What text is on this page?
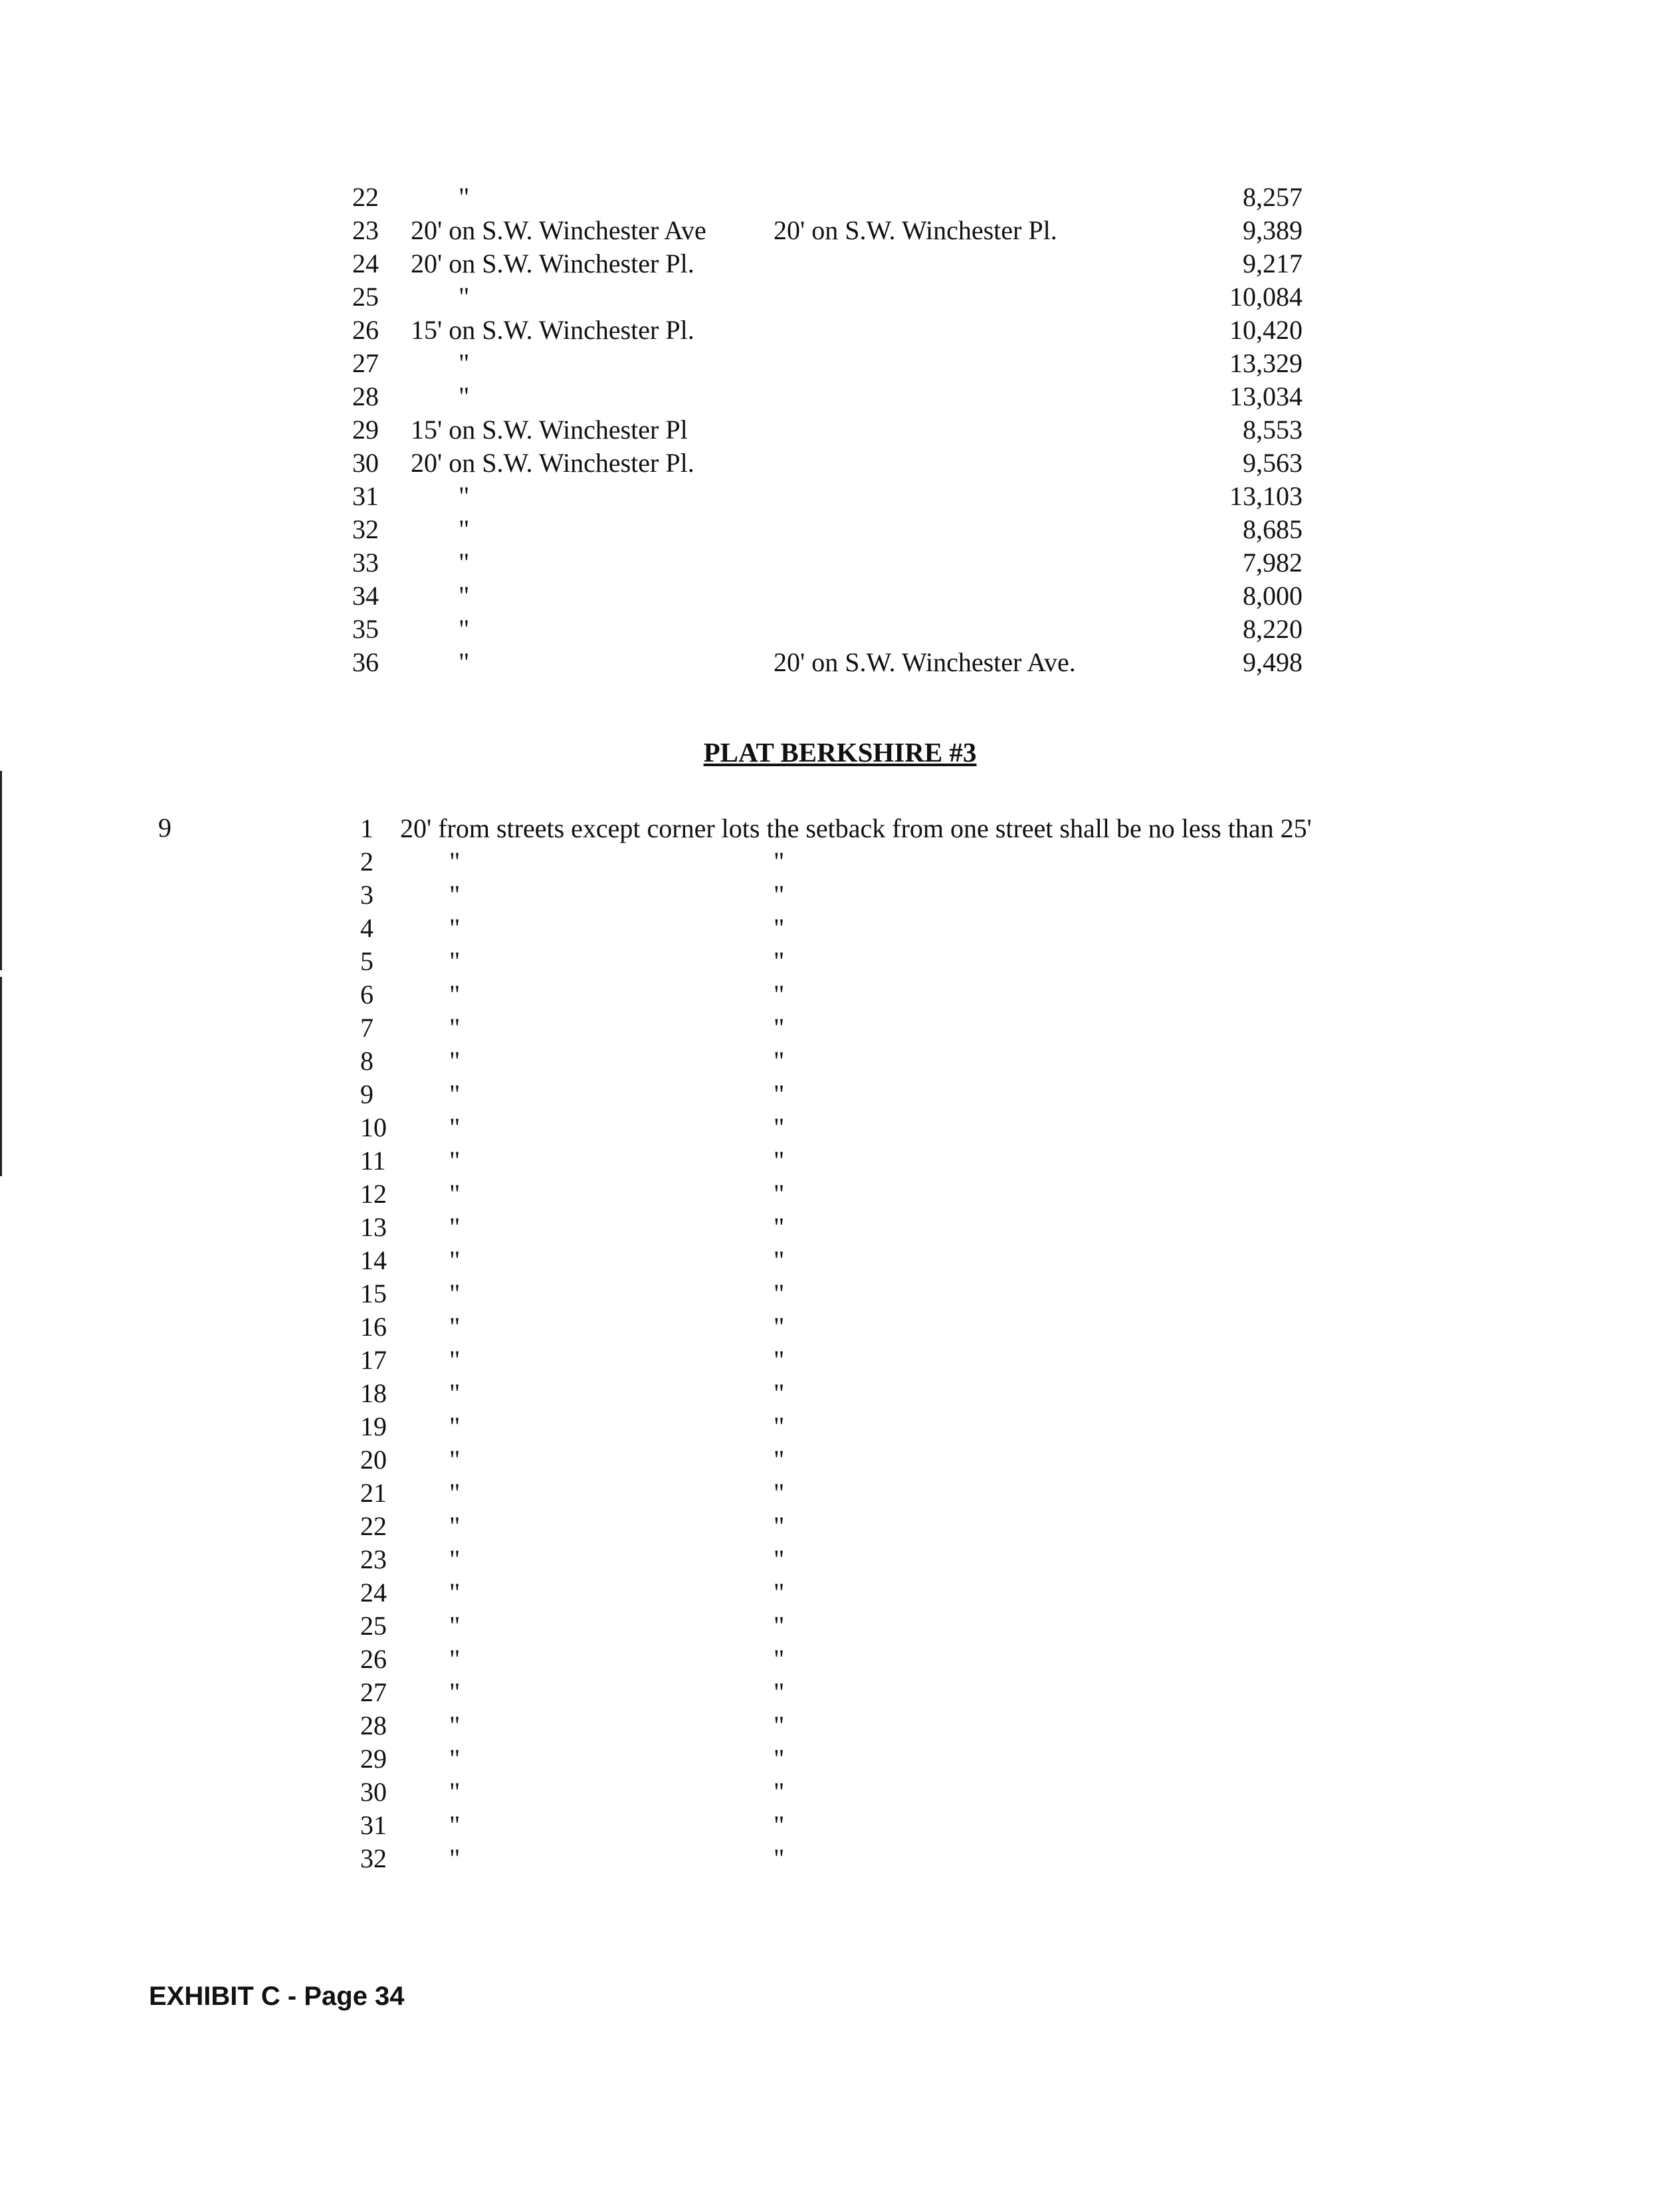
22	"	8,257
23 20' on S.W. Winchester Ave	20' on S.W. Winchester Pl.	9,389
24 20' on S.W. Winchester Pl.	9,217
25	"	10,084
26 15' on S.W. Winchester Pl.	10,420
27	"	13,329
28	"	13,034
29 15' on S.W. Winchester Pl	8,553
30 20' on S.W. Winchester Pl.	9,563
31	"	13,103
32	"	8,685
33	"	7,982
34	"	8,000
35	"	8,220
36	"	20' on S.W. Winchester Ave.	9,498
PLAT BERKSHIRE #3
9	1 20' from streets except corner lots the setback from one street shall be no less than 25'
2	"	"
3	"	"
4	"	"
5	"	"
6	"	"
7	"	"
8	"	"
9	"	"
10 "	"
11 "	"
12 "	"
13 "	"
14 "	"
15 "	"
16 "	"
17 "	"
18 "	"
19 "	"
20 "	"
21 "	"
22 "	"
23 "	"
24 "	"
25 "	"
26 "	"
27 "	"
28 "	"
29 "	"
30 "	"
31 "	"
32 "	"
EXHIBIT C - Page 34
